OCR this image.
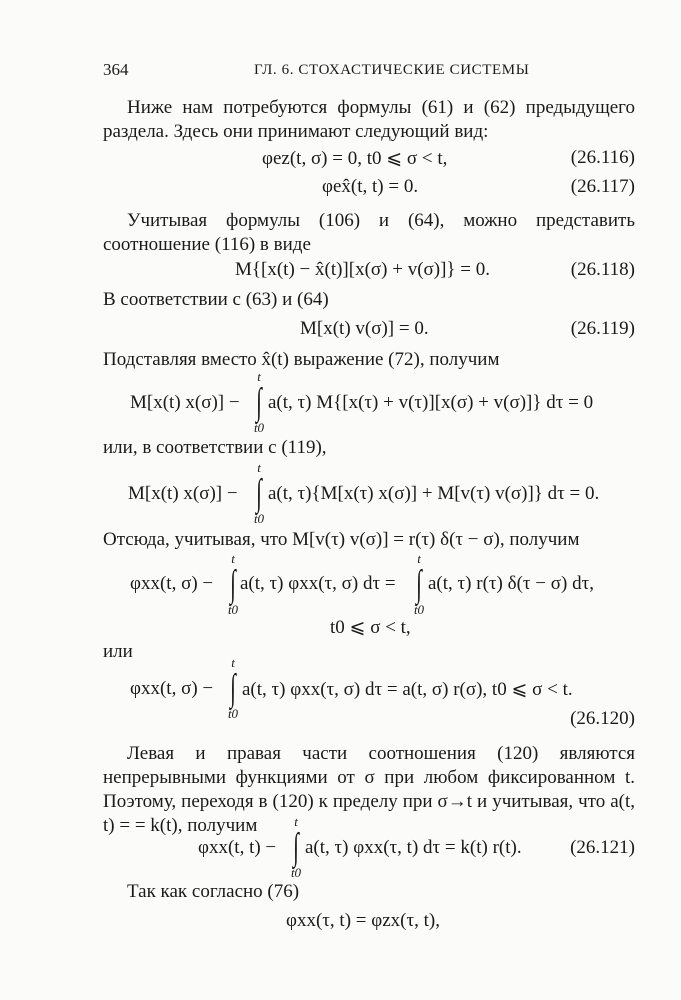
364	ГЛ. 6. СТОХАСТИЧЕСКИЕ СИСТЕМЫ
Ниже нам потребуются формулы (61) и (62) предыдущего раздела. Здесь они принимают следующий вид:
φez(t, σ) = 0, t0 ⩽ σ < t,	(26.116)
φex̂(t, t) = 0.	(26.117)
Учитывая формулы (106) и (64), можно представить соотношение (116) в виде
M{[x(t) − x̂(t)][x(σ) + v(σ)]} = 0.	(26.118)
В соответствии с (63) и (64)
M[x(t) v(σ)] = 0.	(26.119)
Подставляя вместо x̂(t) выражение (72), получим
M[x(t) x(σ)] −
t
∫
t0
a(t, τ) M{[x(τ) + v(τ)][x(σ) + v(σ)]} dτ = 0
или, в соответствии с (119),
M[x(t) x(σ)] −
t
∫
t0
a(t, τ){M[x(τ) x(σ)] + M[v(τ) v(σ)]} dτ = 0.
Отсюда, учитывая, что M[v(τ) v(σ)] = r(τ) δ(τ − σ), получим
φxx(t, σ) −
t
∫
t0
a(t, τ) φxx(τ, σ) dτ =
t
∫
t0
a(t, τ) r(τ) δ(τ − σ) dτ,
t0 ⩽ σ < t,
или
φxx(t, σ) −
t
∫
t0
a(t, τ) φxx(τ, σ) dτ = a(t, σ) r(σ), t0 ⩽ σ < t.
(26.120)
Левая и правая части соотношения (120) являются непрерывными функциями от σ при любом фиксированном t. Поэтому, переходя в (120) к пределу при σ→t и учитывая, что a(t, t) = = k(t), получим
φxx(t, t) −
t
∫
t0
a(t, τ) φxx(τ, t) dτ = k(t) r(t).	(26.121)
Так как согласно (76)
φxx(τ, t) = φzx(τ, t),
